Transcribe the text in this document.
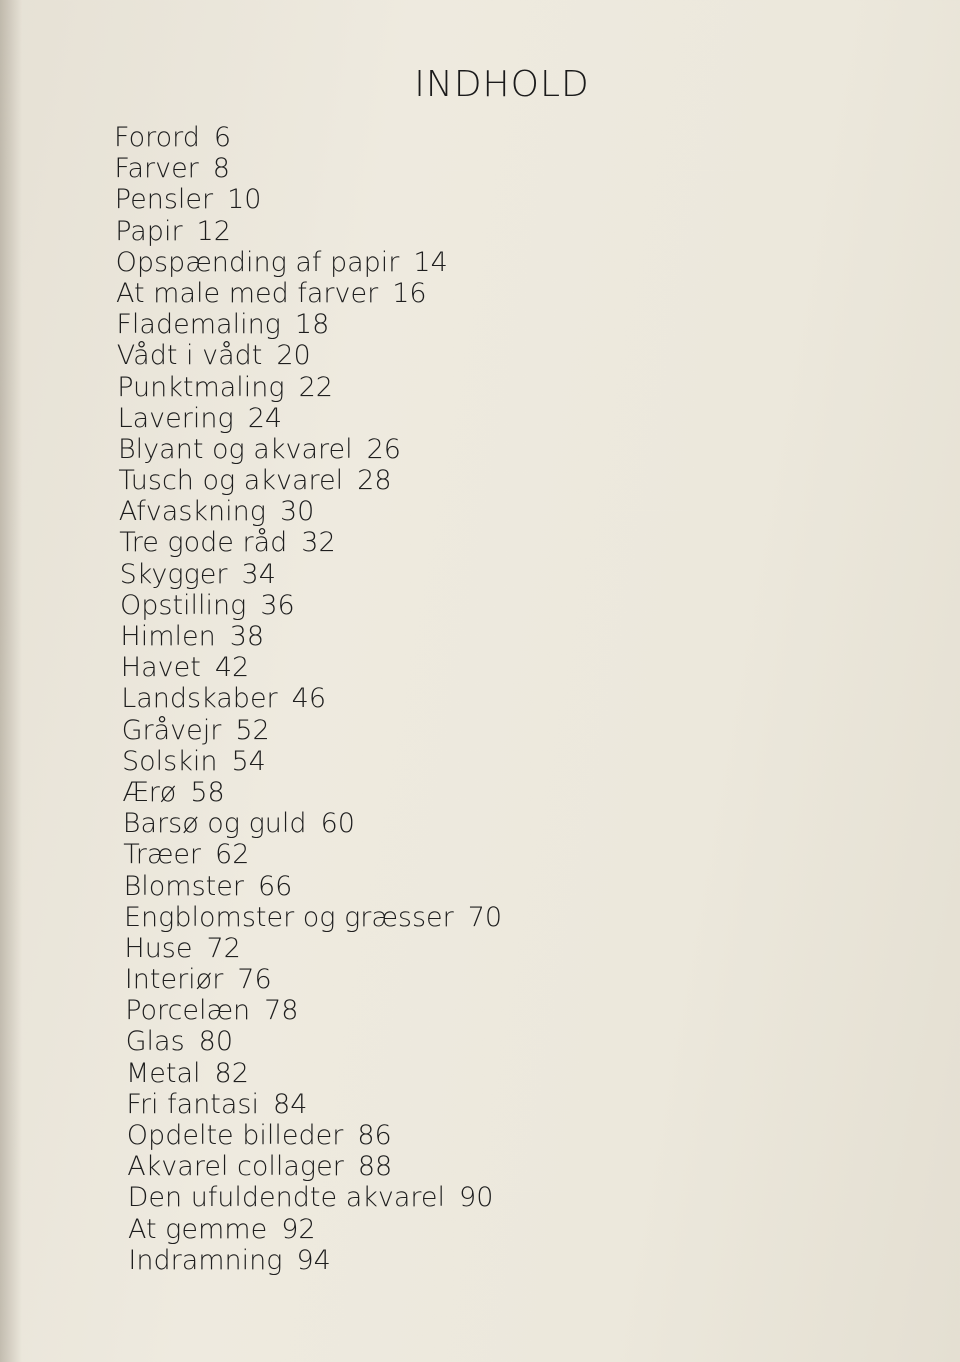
INDHOLD
Forord 6
Farver 8
Pensler 10
Papir 12
Opspænding af papir 14
At male med farver 16
Flademaling 18
Vådt i vådt 20
Punktmaling 22
Lavering 24
Blyant og akvarel 26
Tusch og akvarel 28
Afvaskning 30
Tre gode råd 32
Skygger 34
Opstilling 36
Himlen 38
Havet 42
Landskaber 46
Gråvejr 52
Solskin 54
Ærø 58
Barsø og guld 60
Træer 62
Blomster 66
Engblomster og græsser 70
Huse 72
Interiør 76
Porcelæn 78
Glas 80
Metal 82
Fri fantasi 84
Opdelte billeder 86
Akvarel collager 88
Den ufuldendte akvarel 90
At gemme 92
Indramning 94
